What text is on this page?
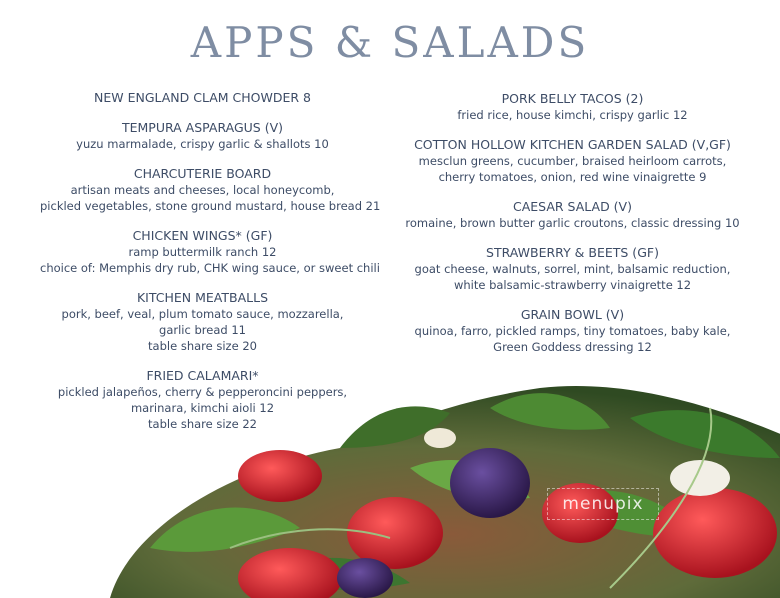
APPS & SALADS
NEW ENGLAND CLAM CHOWDER 8
TEMPURA ASPARAGUS (V)
yuzu marmalade, crispy garlic & shallots 10
CHARCUTERIE BOARD
artisan meats and cheeses, local honeycomb,
pickled vegetables, stone ground mustard, house bread 21
CHICKEN WINGS* (GF)
ramp buttermilk ranch 12
choice of: Memphis dry rub, CHK wing sauce, or sweet chili
KITCHEN MEATBALLS
pork, beef, veal, plum tomato sauce, mozzarella,
garlic bread 11
table share size 20
FRIED CALAMARI*
pickled jalapeños, cherry & pepperoncini peppers,
marinara, kimchi aioli 12
table share size 22
PORK BELLY TACOS (2)
fried rice, house kimchi, crispy garlic 12
COTTON HOLLOW KITCHEN GARDEN SALAD (V,GF)
mesclun greens, cucumber, braised heirloom carrots,
cherry tomatoes, onion, red wine vinaigrette 9
CAESAR SALAD (V)
romaine, brown butter garlic croutons, classic dressing 10
STRAWBERRY & BEETS (GF)
goat cheese, walnuts, sorrel, mint, balsamic reduction,
white balsamic-strawberry vinaigrette 12
GRAIN BOWL (V)
quinoa, farro, pickled ramps, tiny tomatoes, baby kale,
Green Goddess dressing 12
menupix
